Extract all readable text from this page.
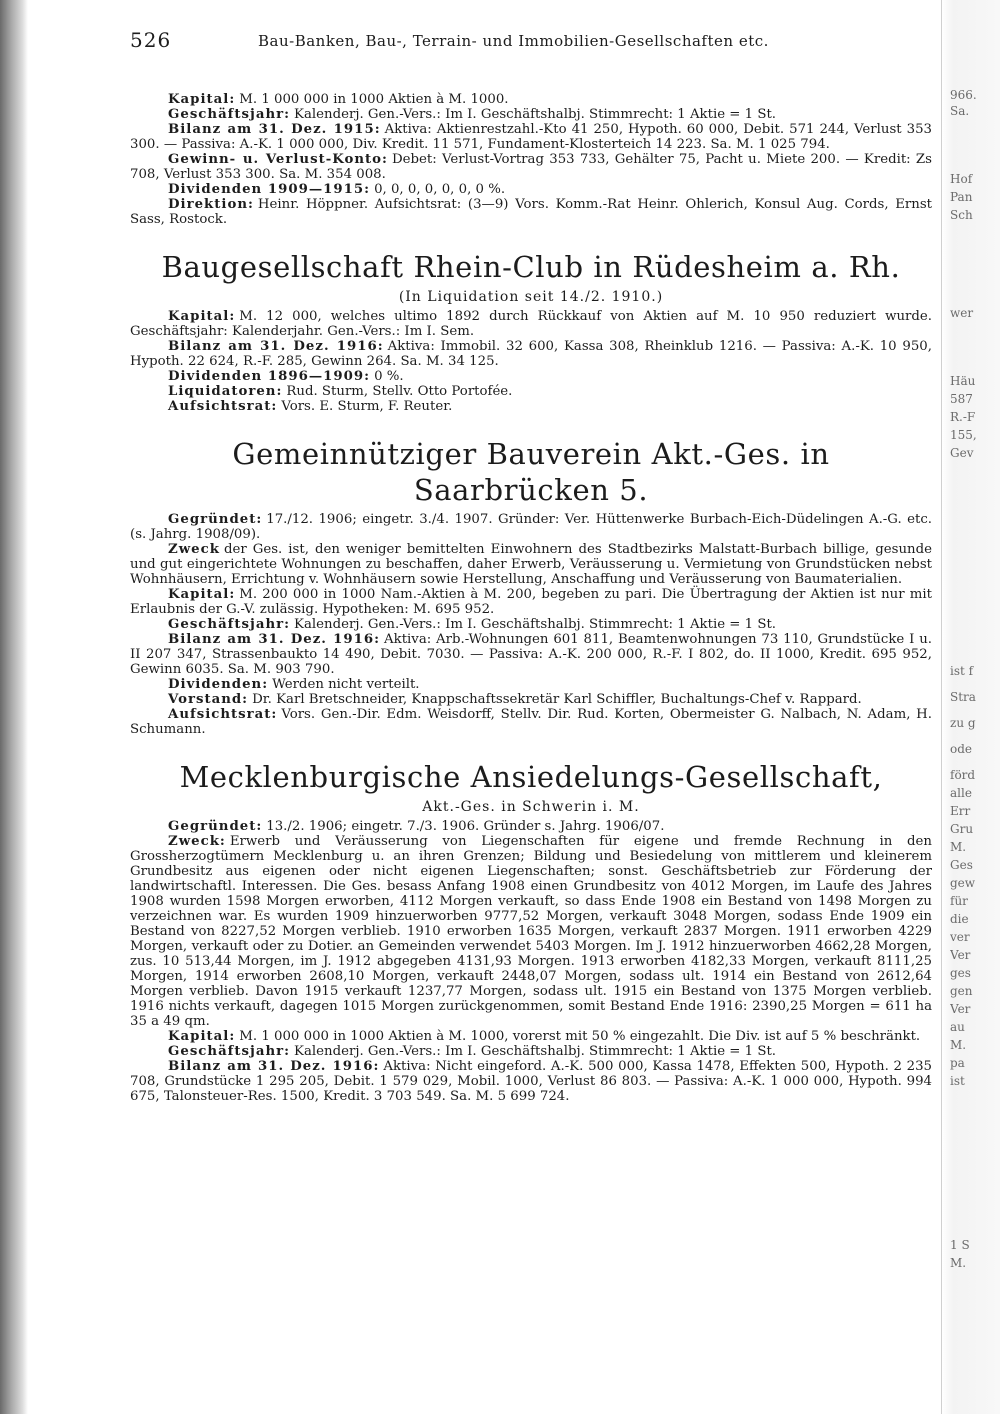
966.
Sa.
Hof
Pan
Sch
wer
Häu
587
R.-F
155,
Gev
ist f
Stra
zu g
ode
förd
alle
Err
Gru
M.
Ges
gew
für
die
ver
Ver
ges
gen
Ver
au
M.
pa
ist
1 S
M.
526	Bau-Banken, Bau-, Terrain- und Immobilien-Gesellschaften etc.

Kapital: M. 1 000 000 in 1000 Aktien à M. 1000.

Geschäftsjahr: Kalenderj. Gen.-Vers.: Im I. Geschäftshalbj. Stimmrecht: 1 Aktie = 1 St.

Bilanz am 31. Dez. 1915: Aktiva: Aktienrestzahl.-Kto 41 250, Hypoth. 60 000, Debit. 571 244, Verlust 353 300. — Passiva: A.-K. 1 000 000, Div. Kredit. 11 571, Fundament-Klosterteich 14 223. Sa. M. 1 025 794.

Gewinn- u. Verlust-Konto: Debet: Verlust-Vortrag 353 733, Gehälter 75, Pacht u. Miete 200. — Kredit: Zs 708, Verlust 353 300. Sa. M. 354 008.

Dividenden 1909—1915: 0, 0, 0, 0, 0, 0, 0 %.

Direktion: Heinr. Höppner. Aufsichtsrat: (3—9) Vors. Komm.-Rat Heinr. Ohlerich, Konsul Aug. Cords, Ernst Sass, Rostock.

Baugesellschaft Rhein-Club in Rüdesheim a. Rh.
(In Liquidation seit 14./2. 1910.)

Kapital: M. 12 000, welches ultimo 1892 durch Rückkauf von Aktien auf M. 10 950 reduziert wurde. Geschäftsjahr: Kalenderjahr. Gen.-Vers.: Im I. Sem.

Bilanz am 31. Dez. 1916: Aktiva: Immobil. 32 600, Kassa 308, Rheinklub 1216. — Passiva: A.-K. 10 950, Hypoth. 22 624, R.-F. 285, Gewinn 264. Sa. M. 34 125.

Dividenden 1896—1909: 0 %.

Liquidatoren: Rud. Sturm, Stellv. Otto Portofée.

Aufsichtsrat: Vors. E. Sturm, F. Reuter.

Gemeinnütziger Bauverein Akt.-Ges. in Saarbrücken 5.

Gegründet: 17./12. 1906; eingetr. 3./4. 1907. Gründer: Ver. Hüttenwerke Burbach-Eich-Düdelingen A.-G. etc. (s. Jahrg. 1908/09).

Zweck der Ges. ist, den weniger bemittelten Einwohnern des Stadtbezirks Malstatt-Burbach billige, gesunde und gut eingerichtete Wohnungen zu beschaffen, daher Erwerb, Veräusserung u. Vermietung von Grundstücken nebst Wohnhäusern, Errichtung v. Wohnhäusern sowie Herstellung, Anschaffung und Veräusserung von Baumaterialien.

Kapital: M. 200 000 in 1000 Nam.-Aktien à M. 200, begeben zu pari. Die Übertragung der Aktien ist nur mit Erlaubnis der G.-V. zulässig. Hypotheken: M. 695 952.

Geschäftsjahr: Kalenderj. Gen.-Vers.: Im I. Geschäftshalbj. Stimmrecht: 1 Aktie = 1 St.

Bilanz am 31. Dez. 1916: Aktiva: Arb.-Wohnungen 601 811, Beamtenwohnungen 73 110, Grundstücke I u. II 207 347, Strassenbaukto 14 490, Debit. 7030. — Passiva: A.-K. 200 000, R.-F. I 802, do. II 1000, Kredit. 695 952, Gewinn 6035. Sa. M. 903 790.

Dividenden: Werden nicht verteilt.

Vorstand: Dr. Karl Bretschneider, Knappschaftssekretär Karl Schiffler, Buchaltungs-Chef v. Rappard.

Aufsichtsrat: Vors. Gen.-Dir. Edm. Weisdorff, Stellv. Dir. Rud. Korten, Obermeister G. Nalbach, N. Adam, H. Schumann.

Mecklenburgische Ansiedelungs-Gesellschaft,
Akt.-Ges. in Schwerin i. M.

Gegründet: 13./2. 1906; eingetr. 7./3. 1906. Gründer s. Jahrg. 1906/07.

Zweck: Erwerb und Veräusserung von Liegenschaften für eigene und fremde Rechnung in den Grossherzogtümern Mecklenburg u. an ihren Grenzen; Bildung und Besiedelung von mittlerem und kleinerem Grundbesitz aus eigenen oder nicht eigenen Liegenschaften; sonst. Geschäftsbetrieb zur Förderung der landwirtschaftl. Interessen. Die Ges. besass Anfang 1908 einen Grundbesitz von 4012 Morgen, im Laufe des Jahres 1908 wurden 1598 Morgen erworben, 4112 Morgen verkauft, so dass Ende 1908 ein Bestand von 1498 Morgen zu verzeichnen war. Es wurden 1909 hinzuerworben 9777,52 Morgen, verkauft 3048 Morgen, sodass Ende 1909 ein Bestand von 8227,52 Morgen verblieb. 1910 erworben 1635 Morgen, verkauft 2837 Morgen. 1911 erworben 4229 Morgen, verkauft oder zu Dotier. an Gemeinden verwendet 5403 Morgen. Im J. 1912 hinzuerworben 4662,28 Morgen, zus. 10 513,44 Morgen, im J. 1912 abgegeben 4131,93 Morgen. 1913 erworben 4182,33 Morgen, verkauft 8111,25 Morgen, 1914 erworben 2608,10 Morgen, verkauft 2448,07 Morgen, sodass ult. 1914 ein Bestand von 2612,64 Morgen verblieb. Davon 1915 verkauft 1237,77 Morgen, sodass ult. 1915 ein Bestand von 1375 Morgen verblieb. 1916 nichts verkauft, dagegen 1015 Morgen zurückgenommen, somit Bestand Ende 1916: 2390,25 Morgen = 611 ha 35 a 49 qm.

Kapital: M. 1 000 000 in 1000 Aktien à M. 1000, vorerst mit 50 % eingezahlt. Die Div. ist auf 5 % beschränkt.

Geschäftsjahr: Kalenderj. Gen.-Vers.: Im I. Geschäftshalbj. Stimmrecht: 1 Aktie = 1 St.

Bilanz am 31. Dez. 1916: Aktiva: Nicht eingeford. A.-K. 500 000, Kassa 1478, Effekten 500, Hypoth. 2 235 708, Grundstücke 1 295 205, Debit. 1 579 029, Mobil. 1000, Verlust 86 803. — Passiva: A.-K. 1 000 000, Hypoth. 994 675, Talonsteuer-Res. 1500, Kredit. 3 703 549. Sa. M. 5 699 724.
